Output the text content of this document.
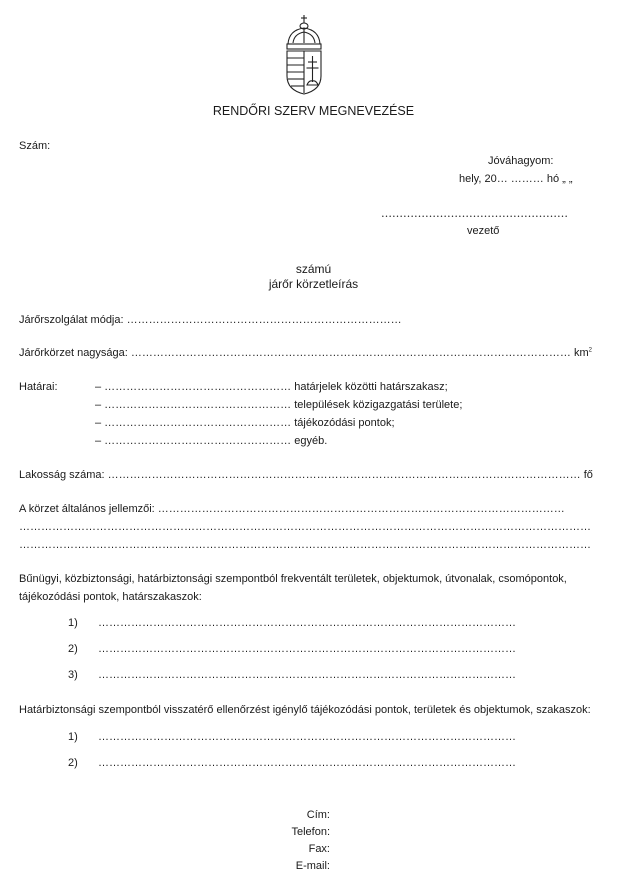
RENDŐRI SZERV MEGNEVEZÉSE
Szám:
Jóváhagyom:
hely, 20… ……… hó „ „
……………………………………………
vezető
számú
járőr körzetleírás
Járőrszolgálat módja: …………………………………………………………………
Járőrkörzet nagysága: ………………………………………………………………………………………………………… $km^2$
Határai:	– …………………………………………… határjelek közötti határszakasz;
– …………………………………………… települések közigazgatási területe;
– …………………………………………… tájékozódási pontok;
– …………………………………………… egyéb.
Lakosság száma: ………………………………………………………………………………………………………………… fő
A körzet általános jellemzői: …………………………………………………………………………………………………
…………………………………………………………………………………………………………………………………………
…………………………………………………………………………………………………………………………………………
Bűnügyi, közbiztonsági, határbiztonsági szempontból frekventált területek, objektumok, útvonalak, csomópontok,
tájékozódási pontok, határszakaszok:
1) ……………………………………………………………………………………………………
2) ……………………………………………………………………………………………………
3) ……………………………………………………………………………………………………
Határbiztonsági szempontból visszatérő ellenőrzést igénylő tájékozódási pontok, területek és objektumok, szakaszok:
1) ……………………………………………………………………………………………………
2) ……………………………………………………………………………………………………
Cím:
Telefon:
Fax:
E-mail:
